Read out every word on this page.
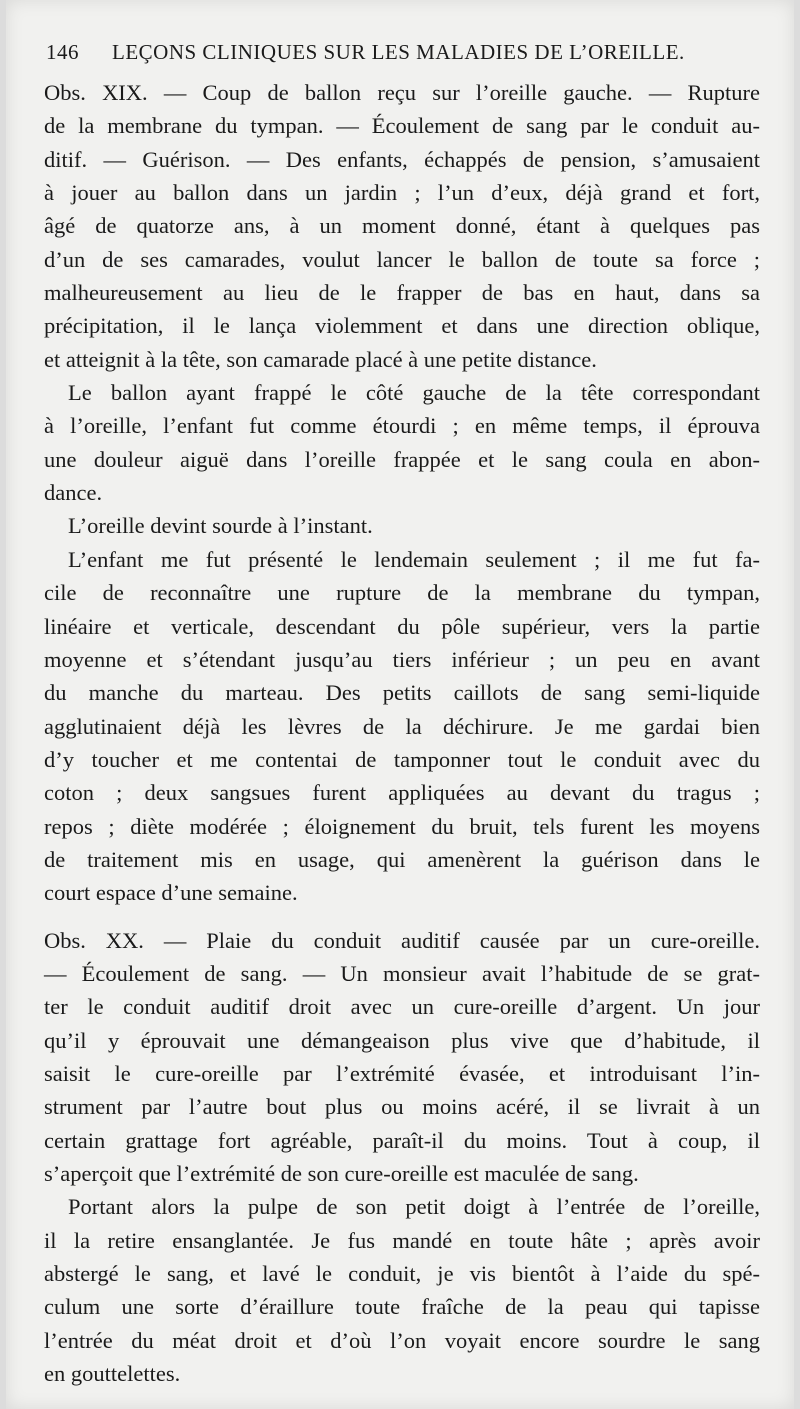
146 LEÇONS CLINIQUES SUR LES MALADIES DE L’OREILLE.
Obs. XIX. — Coup de ballon reçu sur l’oreille gauche. — Rupture
de la membrane du tympan. — Écoulement de sang par le conduit au-
ditif. — Guérison. — Des enfants, échappés de pension, s’amusaient
à jouer au ballon dans un jardin ; l’un d’eux, déjà grand et fort,
âgé de quatorze ans, à un moment donné, étant à quelques pas
d’un de ses camarades, voulut lancer le ballon de toute sa force ;
malheureusement au lieu de le frapper de bas en haut, dans sa
précipitation, il le lança violemment et dans une direction oblique,
et atteignit à la tête, son camarade placé à une petite distance.
Le ballon ayant frappé le côté gauche de la tête correspondant
à l’oreille, l’enfant fut comme étourdi ; en même temps, il éprouva
une douleur aiguë dans l’oreille frappée et le sang coula en abon-
dance.
L’oreille devint sourde à l’instant.
L’enfant me fut présenté le lendemain seulement ; il me fut fa-
cile de reconnaître une rupture de la membrane du tympan,
linéaire et verticale, descendant du pôle supérieur, vers la partie
moyenne et s’étendant jusqu’au tiers inférieur ; un peu en avant
du manche du marteau. Des petits caillots de sang semi-liquide
agglutinaient déjà les lèvres de la déchirure. Je me gardai bien
d’y toucher et me contentai de tamponner tout le conduit avec du
coton ; deux sangsues furent appliquées au devant du tragus ;
repos ; diète modérée ; éloignement du bruit, tels furent les moyens
de traitement mis en usage, qui amenèrent la guérison dans le
court espace d’une semaine.
Obs. XX. — Plaie du conduit auditif causée par un cure-oreille.
— Écoulement de sang. — Un monsieur avait l’habitude de se grat-
ter le conduit auditif droit avec un cure-oreille d’argent. Un jour
qu’il y éprouvait une démangeaison plus vive que d’habitude, il
saisit le cure-oreille par l’extrémité évasée, et introduisant l’in-
strument par l’autre bout plus ou moins acéré, il se livrait à un
certain grattage fort agréable, paraît-il du moins. Tout à coup, il
s’aperçoit que l’extrémité de son cure-oreille est maculée de sang.
Portant alors la pulpe de son petit doigt à l’entrée de l’oreille,
il la retire ensanglantée. Je fus mandé en toute hâte ; après avoir
abstergé le sang, et lavé le conduit, je vis bientôt à l’aide du spé-
culum une sorte d’éraillure toute fraîche de la peau qui tapisse
l’entrée du méat droit et d’où l’on voyait encore sourdre le sang
en gouttelettes.
